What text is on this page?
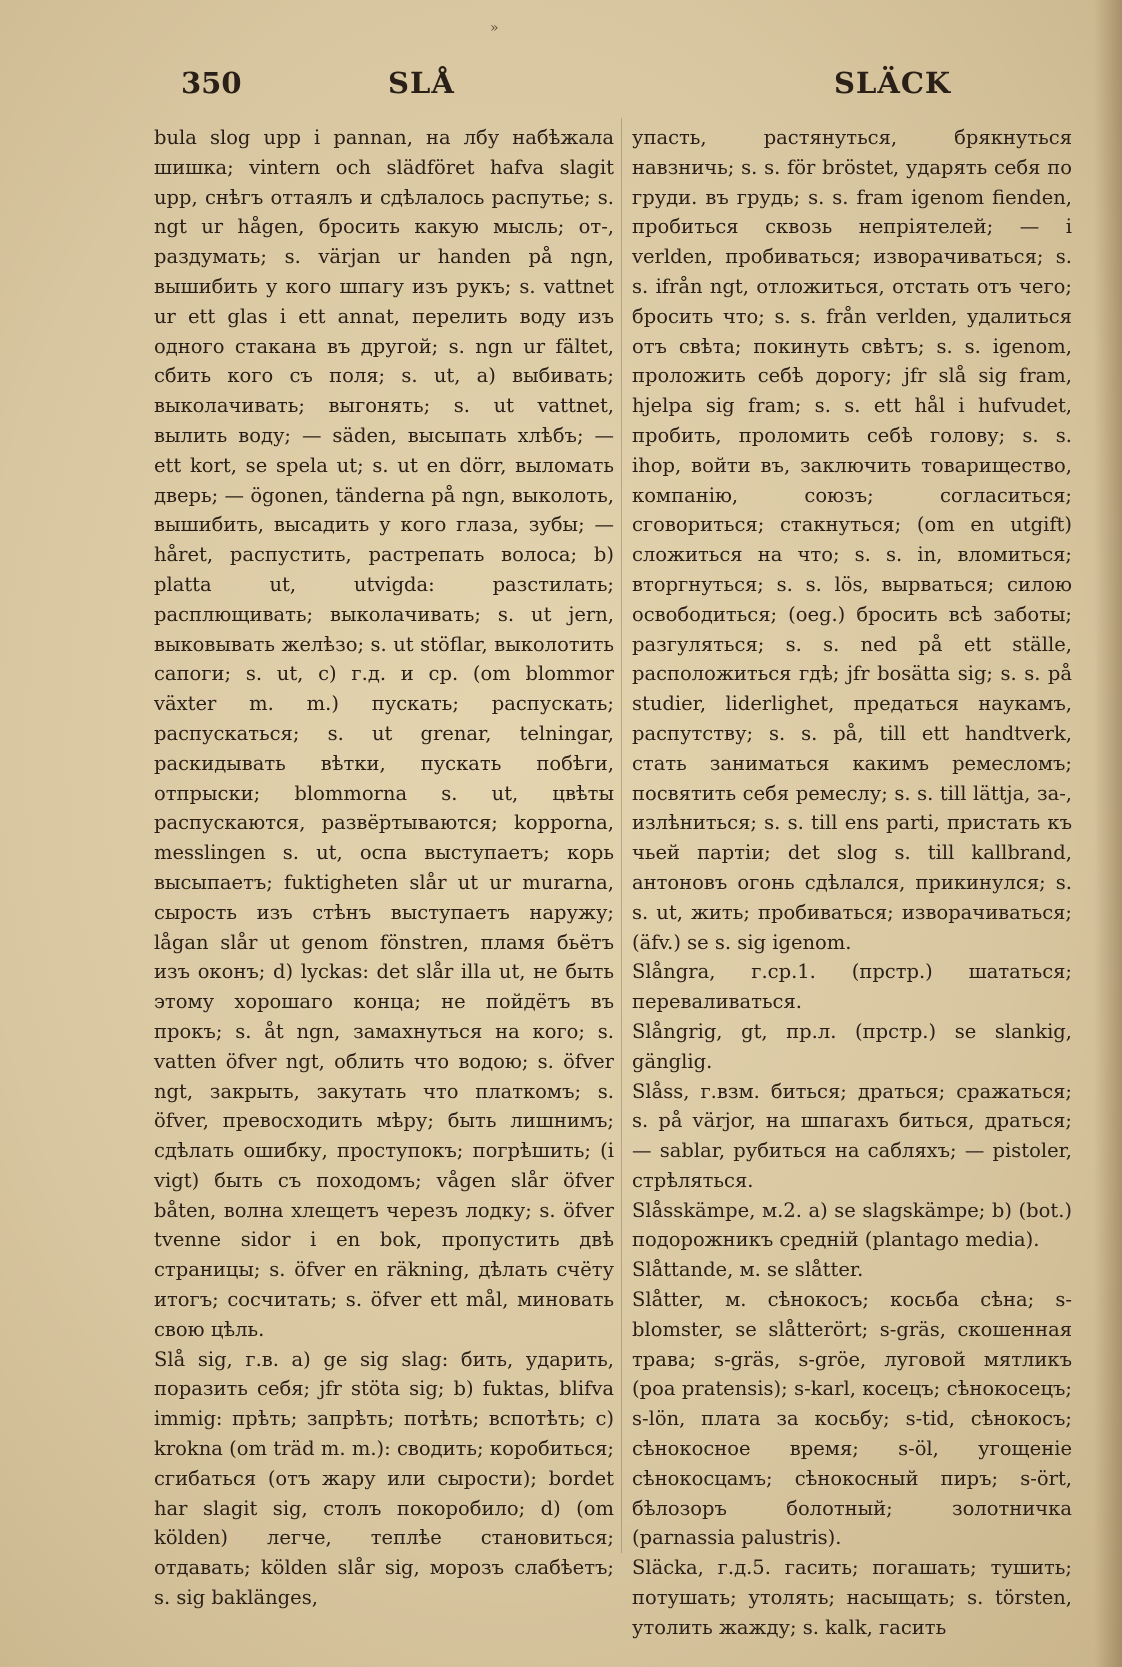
»
350	SLÅ	SLÄCK

bula slog upp i pannan, на лбу набѣжала шишка; vintern och slädföret hafva slagit upp, снѣгъ оттаялъ и сдѣлалось распутье; s. ngt ur hågen, бросить какую мысль; от-, раздумать; s. värjan ur handen på ngn, вышибить у кого шпагу изъ рукъ; s. vattnet ur ett glas i ett annat, перелить воду изъ одного стакана въ другой; s. ngn ur fältet, сбить кого съ поля; s. ut, а) выбивать; выколачивать; выгонять; s. ut vattnet, вылить воду; — säden, высыпать хлѣбъ; — ett kort, se spela ut; s. ut en dörr, выломать дверь; — ögonen, tänderna på ngn, выколоть, вышибить, высадить у кого глаза, зубы; — håret, распустить, растрепать волоса; b) platta ut, utvigda: разстилать; расплющивать; выколачивать; s. ut jern, выковывать желѣзо; s. ut stöflar, выколотить сапоги; s. ut, с) г.д. и ср. (om blommor växter m. m.) пускать; распускать; распускаться; s. ut grenar, telningar, раскидывать вѣтки, пускать побѣги, отпрыски; blommorna s. ut, цвѣты распускаются, развёртываются; kopporna, messlingen s. ut, оспа выступаетъ; корь высыпаетъ; fuktigheten slår ut ur murarna, сырость изъ стѣнъ выступаетъ наружу; lågan slår ut genom fönstren, пламя бьётъ изъ оконъ; d) lyckas: det slår illa ut, не быть этому хорошаго конца; не пойдётъ въ прокъ; s. åt ngn, замахнуться на кого; s. vatten öfver ngt, облить что водою; s. öfver ngt, закрыть, закутать что платкомъ; s. öfver, превосходить мѣру; быть лишнимъ; сдѣлать ошибку, проступокъ; погрѣшить; (i vigt) быть съ походомъ; vågen slår öfver båten, волна хлещетъ черезъ лодку; s. öfver tvenne sidor i en bok, пропустить двѣ страницы; s. öfver en räkning, дѣлать счёту итогъ; сосчитать; s. öfver ett mål, миновать свою цѣль.

Slå sig, г.в. а) ge sig slag: бить, ударить, поразить себя; jfr stöta sig; b) fuktas, blifva immig: прѣть; запрѣть; потѣть; вспотѣть; с) krokna (om träd m. m.): сводить; коробиться; сгибаться (отъ жару или сырости); bordet har slagit sig, столъ покоробило; d) (om kölden) легче, теплѣе становиться; отдавать; kölden slår sig, морозъ слабѣетъ; s. sig baklänges,

упасть, растянуться, брякнуться навзничь; s. s. för bröstet, ударять себя по груди. въ грудь; s. s. fram igenom fienden, пробиться сквозь непріятелей; — i verlden, пробиваться; изворачиваться; s. s. ifrån ngt, отложиться, отстать отъ чего; бросить что; s. s. från verlden, удалиться отъ свѣта; покинуть свѣтъ; s. s. igenom, проложить себѣ дорогу; jfr slå sig fram, hjelpa sig fram; s. s. ett hål i hufvudet, пробить, проломить себѣ голову; s. s. ihop, войти въ, заключить товарищество, компанію, союзъ; согласиться; сговориться; стакнуться; (om en utgift) сложиться на что; s. s. in, вломиться; вторгнуться; s. s. lös, вырваться; силою освободиться; (oeg.) бросить всѣ заботы; разгуляться; s. s. ned på ett ställe, расположиться гдѣ; jfr bosätta sig; s. s. på studier, liderlighet, предаться наукамъ, распутству; s. s. på, till ett handtverk, стать заниматься какимъ ремесломъ; посвятить себя ремеслу; s. s. till lättja, за-, излѣниться; s. s. till ens parti, пристать къ чьей партіи; det slog s. till kallbrand, антоновъ огонь сдѣлался, прикинулся; s. s. ut, жить; пробиваться; изворачиваться; (äfv.) se s. sig igenom.

Slångra, г.ср.1. (прстр.) шататься; переваливаться.

Slångrig, gt, пр.л. (прстр.) se slankig, gänglig.

Slåss, г.взм. биться; драться; сражаться; s. på värjor, на шпагахъ биться, драться; — sablar, рубиться на сабляхъ; — pistoler, стрѣляться.

Slåsskämpe, м.2. а) se slagskämpe; b) (bot.) подорожникъ средній (plantago media).

Slåttande, м. se slåtter.

Slåtter, м. сѣнокосъ; косьба сѣна; s-blomster, se slåtterört; s-gräs, скошенная трава; s-gräs, s-gröe, луговой мятликъ (poa pratensis); s-karl, косецъ; сѣнокосецъ; s-lön, плата за косьбу; s-tid, сѣнокосъ; сѣнокосное время; s-öl, угощеніе сѣнокосцамъ; сѣнокосный пиръ; s-ört, бѣлозоръ болотный; золотничка (parnassia palustris).

Släcka, г.д.5. гасить; погашать; тушить; потушать; утолять; насыщать; s. törsten, утолить жажду; s. kalk, гасить
